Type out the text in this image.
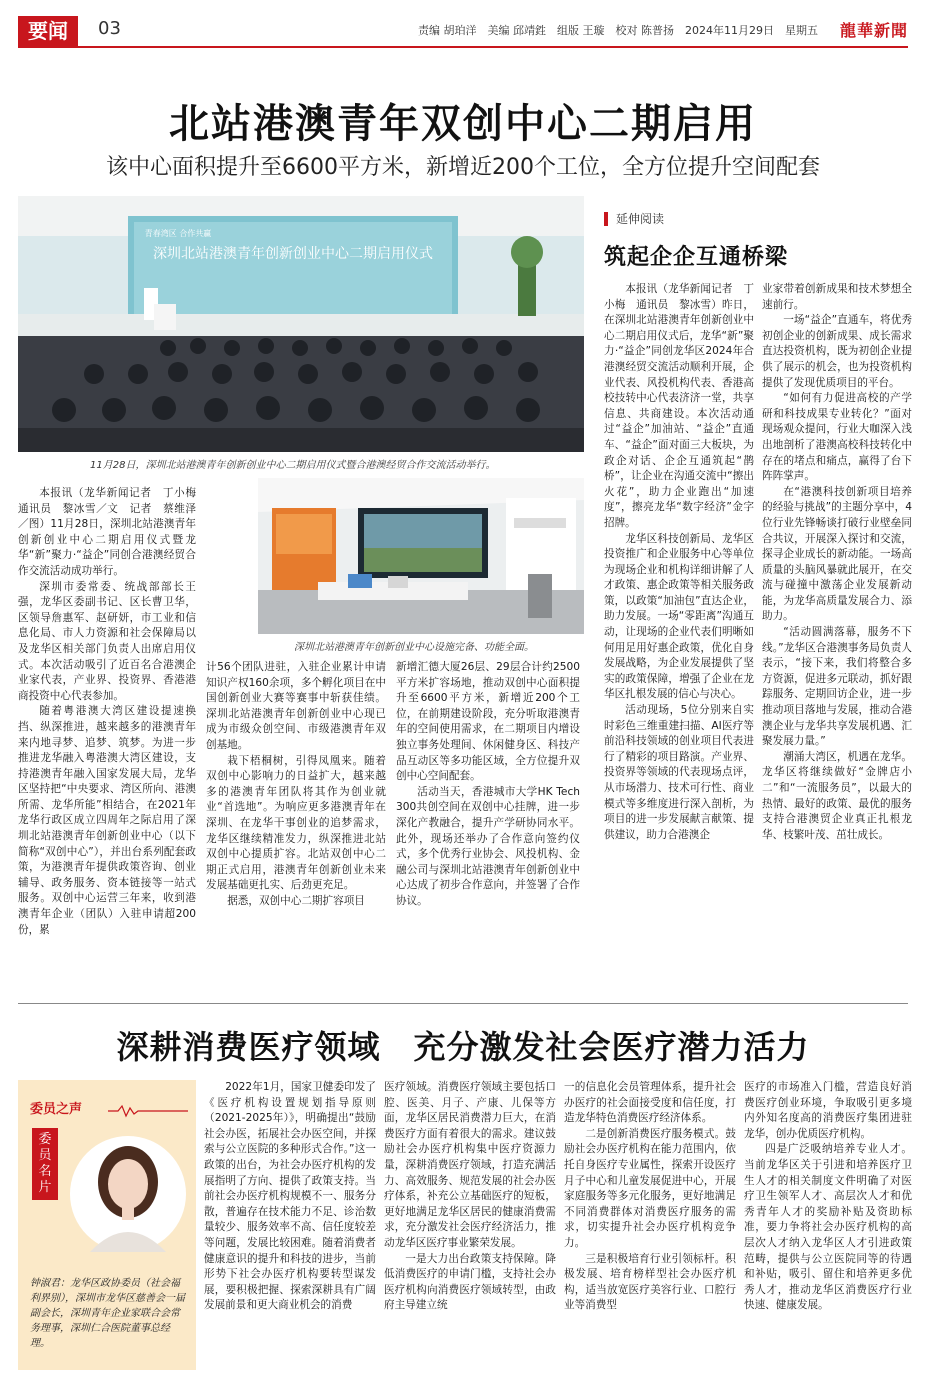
要闻	03	责编 胡珀洋　美编 邱靖鉎　组版 王璇　校对 陈普扬　2024年11月29日　星期五 龍華新聞
北站港澳青年双创中心二期启用
该中心面积提升至6600平方米，新增近200个工位，全方位提升空间配套
深圳北站港澳青年创新创业中心二期启用仪式
青春湾区 合作共赢
11月28日，深圳北站港澳青年创新创业中心二期启用仪式暨合港澳经贸合作交流活动举行。
深圳北站港澳青年创新创业中心设施完备、功能全面。

本报讯（龙华新闻记者　丁小梅　通讯员　黎冰雪／文　记者　蔡维泽／图）11月28日，深圳北站港澳青年创新创业中心二期启用仪式暨龙华“新”聚力·“益企”同创合港澳经贸合作交流活动成功举行。

深圳市委常委、统战部部长王强，龙华区委副书记、区长曹卫华，区领导詹惠军、赵研妍，市工业和信息化局、市人力资源和社会保障局以及龙华区相关部门负责人出席启用仪式。本次活动吸引了近百名合港澳企业家代表，产业界、投资界、香港港商投资中心代表参加。

随着粤港澳大湾区建设提速换挡、纵深推进，越来越多的港澳青年来内地寻梦、追梦、筑梦。为进一步推进龙华融入粤港澳大湾区建设，支持港澳青年融入国家发展大局，龙华区坚持把“中央要求、湾区所向、港澳所需、龙华所能”相结合，在2021年龙华行政区成立四周年之际启用了深圳北站港澳青年创新创业中心（以下简称“双创中心”），并出台系列配套政策，为港澳青年提供政策咨询、创业辅导、政务服务、资本链接等一站式服务。双创中心运营三年来，收到港澳青年企业（团队）入驻申请超200份，累

计56个团队进驻，入驻企业累计申请知识产权160余项，多个孵化项目在中国创新创业大赛等赛事中斩获佳绩。深圳北站港澳青年创新创业中心现已成为市级众创空间、市级港澳青年双创基地。

栽下梧桐树，引得凤凰来。随着双创中心影响力的日益扩大，越来越多的港澳青年团队将其作为创业就业“首选地”。为响应更多港澳青年在深圳、在龙华干事创业的追梦需求，龙华区继续精准发力，纵深推进北站双创中心提质扩容。北站双创中心二期正式启用，港澳青年创新创业未来发展基础更扎实、后劲更充足。

据悉，双创中心二期扩容项目

新增汇德大厦26层、29层合计约2500平方米扩容场地，推动双创中心面积提升至6600平方米，新增近200个工位，在前期建设阶段，充分听取港澳青年的空间使用需求，在二期项目内增设独立事务处理间、休闲健身区、科技产品互动区等多功能区域，全方位提升双创中心空间配套。

活动当天，香港城市大学HK Tech 300共创空间在双创中心挂牌，进一步深化产教融合，提升产学研协同水平。此外，现场还举办了合作意向签约仪式，多个优秀行业协会、风投机构、金融公司与深圳北站港澳青年创新创业中心达成了初步合作意向，并签署了合作协议。

延伸阅读
筑起企企互通桥梁

本报讯（龙华新闻记者　丁小梅　通讯员　黎冰雪）昨日，在深圳北站港澳青年创新创业中心二期启用仪式后，龙华“新”聚力·“益企”同创龙华区2024年合港澳经贸交流活动顺利开展，企业代表、风投机构代表、香港高校技转中心代表济济一堂，共享信息、共商建设。本次活动通过“益企”加油站、“益企”直通车、“益企”面对面三大板块，为政企对话、企企互通筑起“鹊桥”，让企业在沟通交流中“擦出火花”，助力企业跑出“加速度”，擦亮龙华“数字经济”金字招牌。

龙华区科技创新局、龙华区投资推广和企业服务中心等单位为现场企业和机构详细讲解了人才政策、惠企政策等相关服务政策，以政策“加油包”直达企业，助力发展。一场“零距离”沟通互动，让现场的企业代表们明晰如何用足用好惠企政策，优化自身发展战略，为企业发展提供了坚实的政策保障，增强了企业在龙华区扎根发展的信心与决心。

活动现场，5位分别来自实时彩色三维重建扫描、AI医疗等前沿科技领域的创业项目代表进行了精彩的项目路演。产业界、投资界等领域的代表现场点评，从市场潜力、技术可行性、商业模式等多维度进行深入剖析，为项目的进一步发展献言献策、提供建议，助力合港澳企

业家带着创新成果和技术梦想全速前行。

一场“益企”直通车，将优秀初创企业的创新成果、成长需求直达投资机构，既为初创企业提供了展示的机会，也为投资机构提供了发现优质项目的平台。

“如何有力促进高校的产学研和科技成果专业转化？”面对现场观众提问，行业大咖深入浅出地剖析了港澳高校科技转化中存在的堵点和痛点，赢得了台下阵阵掌声。

在“港澳科技创新项目培养的经验与挑战”的主题分享中，4位行业先锋畅谈打破行业壁垒同合共议，开展深入探讨和交流，探寻企业成长的新动能。一场高质量的头脑风暴就此展开，在交流与碰撞中激荡企业发展新动能，为龙华高质量发展合力、添助力。

“活动圆满落幕，服务不下线。”龙华区合港澳事务局负责人表示，“接下来，我们将整合多方资源，促进多元联动，抓好跟踪服务、定期回访企业，进一步推动项目落地与发展，推动合港澳企业与龙华共享发展机遇、汇聚发展力量。”

潮涌大湾区，机遇在龙华。龙华区将继续做好“金牌店小二”和“一流服务员”，以最大的热情、最好的政策、最优的服务支持合港澳贸企业真正扎根龙华、枝繁叶茂、茁壮成长。

深耕消费医疗领域　充分激发社会医疗潜力活力
委员之声
委员名片
钟淑君：龙华区政协委员（社会福利界别），深圳市龙华区慈善会一届副会长，深圳青年企业家联合会常务理事，深圳仁合医院董事总经理。

2022年1月，国家卫健委印发了《医疗机构设置规划指导原则（2021-2025年）》，明确提出“鼓励社会办医，拓展社会办医空间，并探索与公立医院的多种形式合作。”这一政策的出台，为社会办医疗机构的发展指明了方向、提供了政策支持。当前社会办医疗机构规模不一、服务分散，普遍存在技术能力不足、诊治数量较少、服务效率不高、信任度较差等问题，发展比较困难。随着消费者健康意识的提升和科技的进步，当前形势下社会办医疗机构要转型谋发展，要积极把握、探索深耕具有广阔发展前景和更大商业机会的消费

医疗领域。消费医疗领域主要包括口腔、医美、月子、产康、儿保等方面，龙华区居民消费潜力巨大，在消费医疗方面有着很大的需求。建议鼓励社会办医疗机构集中医疗资源力量，深耕消费医疗领域，打造充满活力、高效服务、规范发展的社会办医疗体系，补充公立基础医疗的短板，更好地满足龙华区居民的健康消费需求，充分激发社会医疗经济活力，推动龙华区医疗事业繁荣发展。

一是大力出台政策支持保障。降低消费医疗的申请门槛，支持社会办医疗机构向消费医疗领域转型，由政府主导建立统

一的信息化会员管理体系，提升社会办医疗的社会面接受度和信任度，打造龙华特色消费医疗经济体系。

二是创新消费医疗服务模式。鼓励社会办医疗机构在能力范围内，依托自身医疗专业属性，探索开设医疗月子中心和儿童发展促进中心，开展家庭服务等多元化服务，更好地满足不同消费群体对消费医疗服务的需求，切实提升社会办医疗机构竞争力。

三是积极培育行业引领标杆。积极发展、培育榜样型社会办医疗机构，适当放宽医疗美容行业、口腔行业等消费型

医疗的市场准入门槛，营造良好消费医疗创业环境，争取吸引更多境内外知名度高的消费医疗集团进驻龙华，创办优质医疗机构。

四是广泛吸纳培养专业人才。当前龙华区关于引进和培养医疗卫生人才的相关制度文件明确了对医疗卫生领军人才、高层次人才和优秀青年人才的奖励补贴及资助标准，要力争将社会办医疗机构的高层次人才纳入龙华区人才引进政策范畴，提供与公立医院同等的待遇和补贴，吸引、留住和培养更多优秀人才，推动龙华区消费医疗行业快速、健康发展。
